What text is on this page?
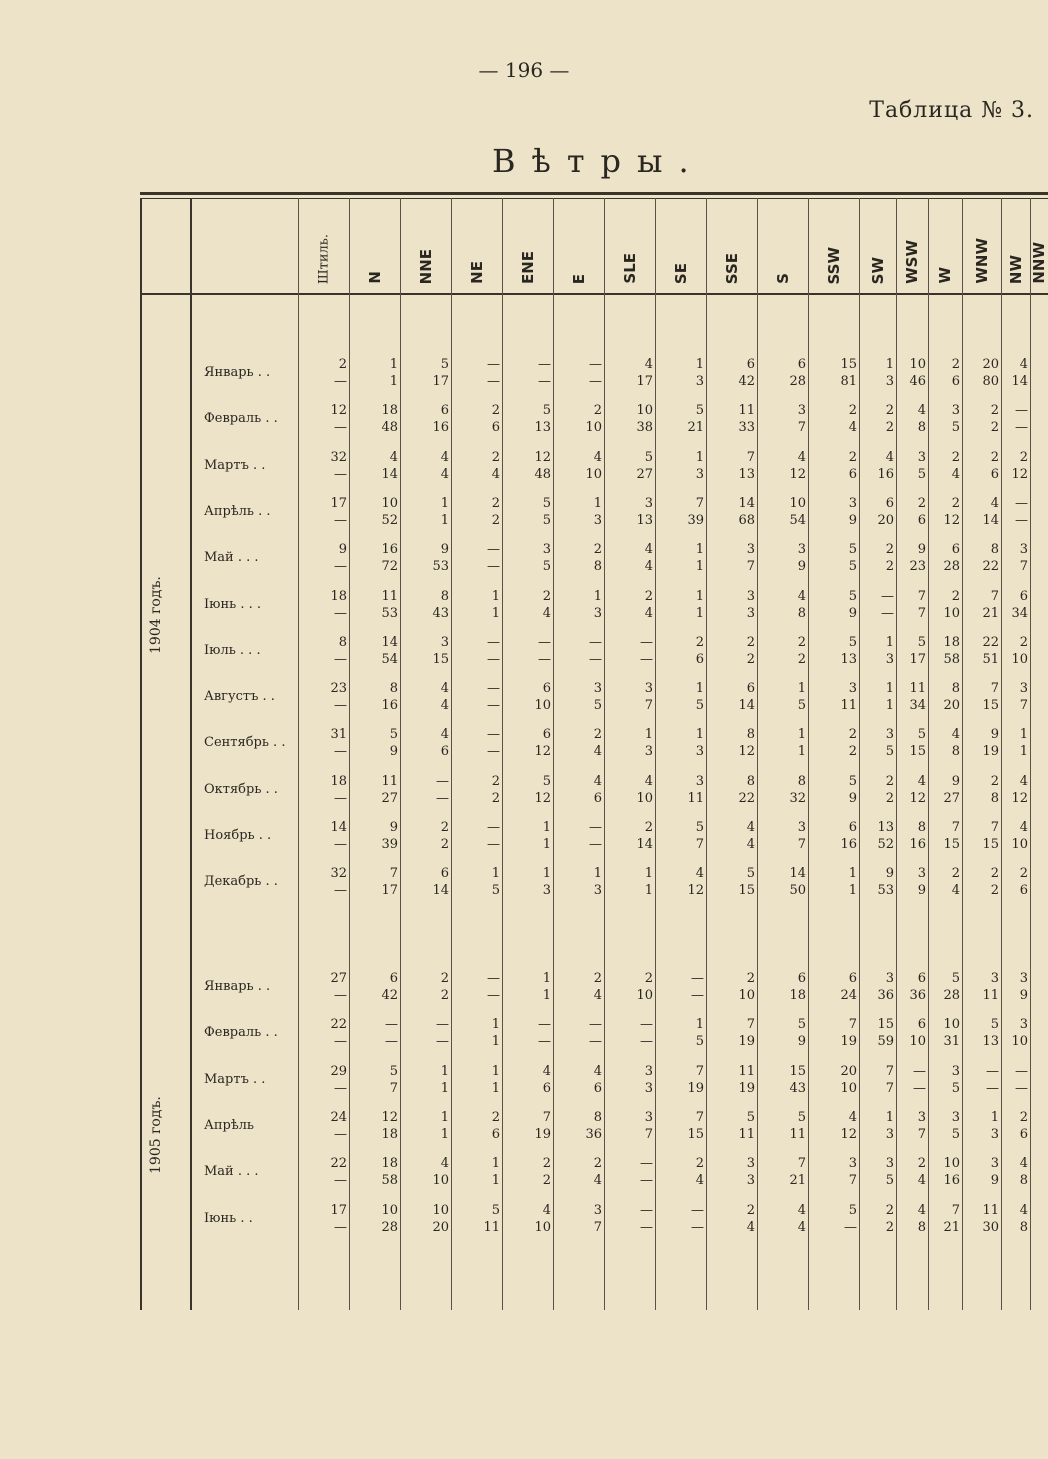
— 196 —
Таблица № 3.
Вѣтры.
Штиль. N NNE NE ENE E SLE SE SSE S SSW SW WSW W WNW NW NNW
1904 годъ.
Январь . .
2	1	5	—	—	—	4	1	6	6	15	1	10	2	20	4
—	1	17	—	—	—	17	3	42	28	81	3	46	6	80 14
Февраль . .
12	18	6	2	5	2	10	5	11	3	2	2	4	3	2	—
—	48	16	6	13	10	38	21	33	7	4	2	8	5	2	—
Мартъ . .
32	4	4	2	12	4	5	1	7	4	2	4	3	2	2	2
—	14	4	4	48	10	27	3	13	12	6	16	5	4	6 12
Апрѣль . .
17	10	1	2	5	1	3	7	14	10	3	6	2	2	4	—
—	52	1	2	5	3	13	39	68	54	9	20	6	12	14	—
Май . . .
9	16	9	—	3	2	4	1	3	3	5	2	9	6	8	3
—	72	53	—	5	8	4	1	7	9	5	2	23	28	22	7
Іюнь . . .
18	11	8	1	2	1	2	1	3	4	5	—	7	2	7	6
—	53	43	1	4	3	4	1	3	8	9	—	7	10	21 34
Іюль . . .
8	14	3	—	—	—	—	2	2	2	5	1	5	18	22	2
—	54	15	—	—	—	—	6	2	2	13	3	17	58	51 10
Августъ . .
23	8	4	—	6	3	3	1	6	1	3	1	11	8	7	3
—	16	4	—	10	5	7	5	14	5	11	1	34	20	15	7
Сентябрь . .
31	5	4	—	6	2	1	1	8	1	2	3	5	4	9	1
—	9	6	—	12	4	3	3	12	1	2	5	15	8	19	1
Октябрь . .
18	11	—	2	5	4	4	3	8	8	5	2	4	9	2	4
—	27	—	2	12	6	10	11	22	32	9	2	12	27	8 12
Ноябрь . .
14	9	2	—	1	—	2	5	4	3	6	13	8	7	7	4
—	39	2	—	1	—	14	7	4	7	16	52	16	15	15 10
Декабрь . .
32	7	6	1	1	1	1	4	5	14	1	9	3	2	2	2
—	17	14	5	3	3	1	12	15	50	1	53	9	4	2	6
1905 годъ.
Январь . .
27	6	2	—	1	2	2	—	2	6	6	3	6	5	3	3
—	42	2	—	1	4	10	—	10	18	24	36	36	28	11	9
Февраль . .
22	—	—	1	—	—	—	1	7	5	7	15	6	10	5	3
—	—	—	1	—	—	—	5	19	9	19	59	10	31	13 10
Мартъ . .
29	5	1	1	4	4	3	7	11	15	20	7	—	3	—	—
—	7	1	1	6	6	3	19	19	43	10	7	—	5	—	—
Апрѣль
24	12	1	2	7	8	3	7	5	5	4	1	3	3	1	2
—	18	1	6	19	36	7	15	11	11	12	3	7	5	3	6
Май . . .
22	18	4	1	2	2	—	2	3	7	3	3	2	10	3	4
—	58	10	1	2	4	—	4	3	21	7	5	4	16	9	8
Іюнь . .
17	10	10	5	4	3	—	—	2	4	5	2	4	7	11	4
—	28	20	11	10	7	—	—	4	4	—	2	8	21	30	8
